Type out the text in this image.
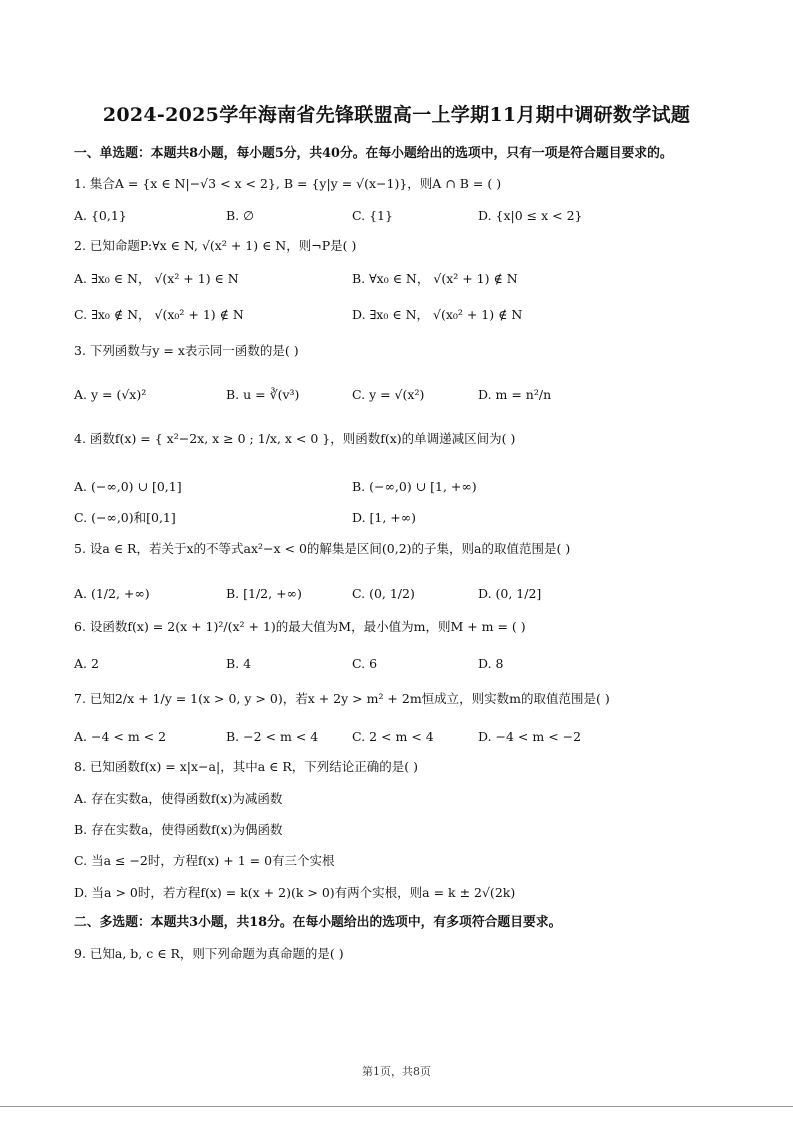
2024-2025学年海南省先锋联盟高一上学期11月期中调研数学试题
一、单选题：本题共8小题，每小题5分，共40分。在每小题给出的选项中，只有一项是符合题目要求的。
1. 集合A = {x ∈ N|−√3 < x < 2}, B = {y|y = √(x−1)}，则A ∩ B = ( )
A. {0,1}	B. ∅	C. {1}	D. {x|0 ≤ x < 2}
2. 已知命题P:∀x ∈ N, √(x² + 1) ∈ N，则¬P是( )
A. ∃x₀ ∈ N， √(x² + 1) ∈ N	B. ∀x₀ ∈ N， √(x² + 1) ∉ N
C. ∃x₀ ∉ N， √(x₀² + 1) ∉ N	D. ∃x₀ ∈ N， √(x₀² + 1) ∉ N
3. 下列函数与y = x表示同一函数的是( )
A. y = (√x)²	B. u = ∛(v³)	C. y = √(x²)	D. m = n²/n
4. 函数f(x) = { x²−2x, x ≥ 0 ; 1/x, x < 0 }，则函数f(x)的单调递减区间为( )
A. (−∞,0) ∪ [0,1]	B. (−∞,0) ∪ [1, +∞)
C. (−∞,0)和[0,1]	D. [1, +∞)
5. 设a ∈ R，若关于x的不等式ax²−x < 0的解集是区间(0,2)的子集，则a的取值范围是( )
A. (1/2, +∞)	B. [1/2, +∞)	C. (0, 1/2)	D. (0, 1/2]
6. 设函数f(x) = 2(x + 1)²/(x² + 1)的最大值为M，最小值为m，则M + m = ( )
A. 2	B. 4	C. 6	D. 8
7. 已知2/x + 1/y = 1(x > 0, y > 0)，若x + 2y > m² + 2m恒成立，则实数m的取值范围是( )
A. −4 < m < 2	B. −2 < m < 4	C. 2 < m < 4	D. −4 < m < −2
8. 已知函数f(x) = x|x−a|，其中a ∈ R，下列结论正确的是( )
A. 存在实数a，使得函数f(x)为减函数
B. 存在实数a，使得函数f(x)为偶函数
C. 当a ≤ −2时，方程f(x) + 1 = 0有三个实根
D. 当a > 0时，若方程f(x) = k(x + 2)(k > 0)有两个实根，则a = k ± 2√(2k)
二、多选题：本题共3小题，共18分。在每小题给出的选项中，有多项符合题目要求。
9. 已知a, b, c ∈ R，则下列命题为真命题的是( )
第1页，共8页
